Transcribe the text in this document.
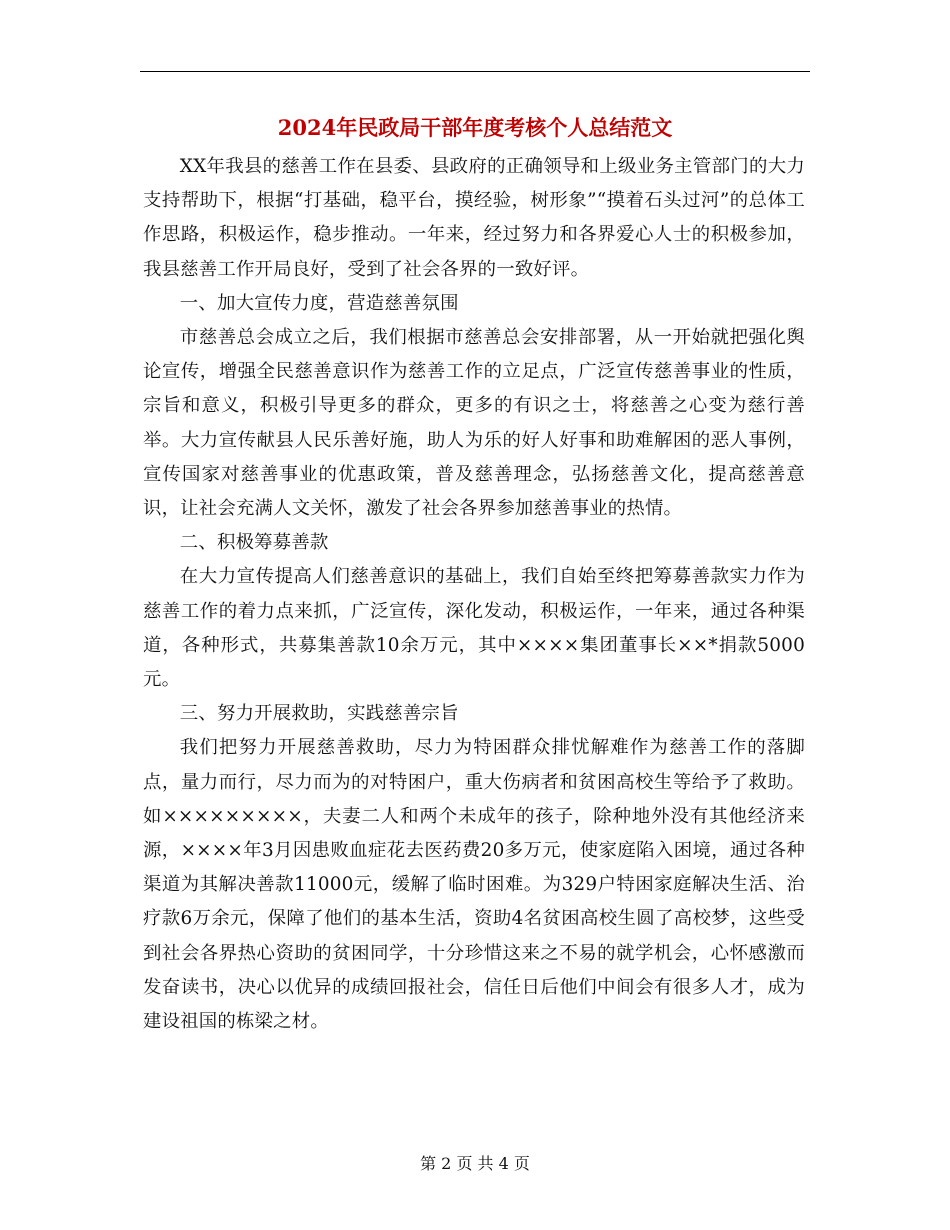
2024年民政局干部年度考核个人总结范文

XX年我县的慈善工作在县委、县政府的正确领导和上级业务主管部门的大力支持帮助下，根据“打基础，稳平台，摸经验，树形象”“摸着石头过河”的总体工作思路，积极运作，稳步推动。一年来，经过努力和各界爱心人士的积极参加，我县慈善工作开局良好，受到了社会各界的一致好评。

一、加大宣传力度，营造慈善氛围

市慈善总会成立之后，我们根据市慈善总会安排部署，从一开始就把强化舆论宣传，增强全民慈善意识作为慈善工作的立足点，广泛宣传慈善事业的性质，宗旨和意义，积极引导更多的群众，更多的有识之士，将慈善之心变为慈行善举。大力宣传献县人民乐善好施，助人为乐的好人好事和助难解困的恶人事例，宣传国家对慈善事业的优惠政策，普及慈善理念，弘扬慈善文化，提高慈善意识，让社会充满人文关怀，激发了社会各界参加慈善事业的热情。

二、积极筹募善款

在大力宣传提高人们慈善意识的基础上，我们自始至终把筹募善款实力作为慈善工作的着力点来抓，广泛宣传，深化发动，积极运作，一年来，通过各种渠道，各种形式，共募集善款10余万元，其中××××集团董事长××*捐款5000元。

三、努力开展救助，实践慈善宗旨

我们把努力开展慈善救助，尽力为特困群众排忧解难作为慈善工作的落脚点，量力而行，尽力而为的对特困户，重大伤病者和贫困高校生等给予了救助。如×××××××××，夫妻二人和两个未成年的孩子，除种地外没有其他经济来源，××××年3月因患败血症花去医药费20多万元，使家庭陷入困境，通过各种渠道为其解决善款11000元，缓解了临时困难。为329户特困家庭解决生活、治疗款6万余元，保障了他们的基本生活，资助4名贫困高校生圆了高校梦，这些受到社会各界热心资助的贫困同学，十分珍惜这来之不易的就学机会，心怀感激而发奋读书，决心以优异的成绩回报社会，信任日后他们中间会有很多人才，成为建设祖国的栋梁之材。

第 2 页 共 4 页
